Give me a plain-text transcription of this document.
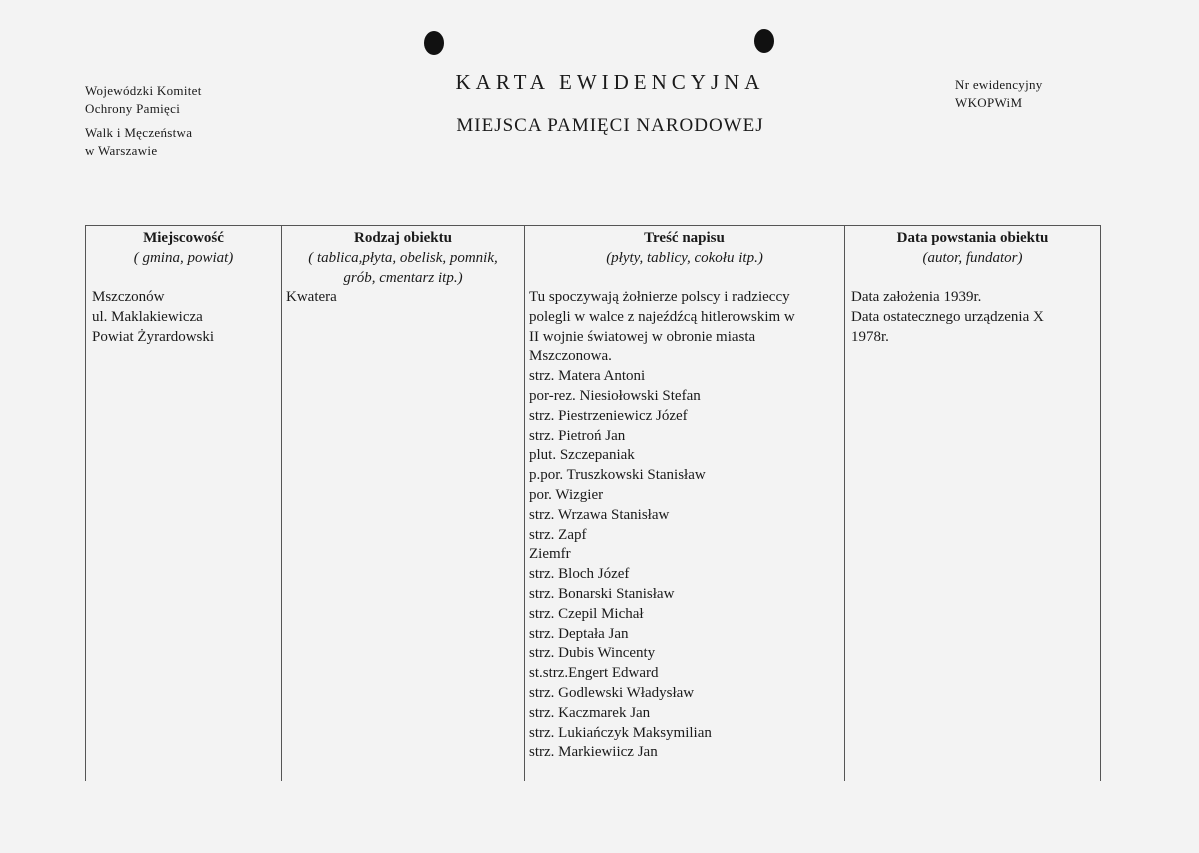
Wojewódzki Komitet
Ochrony Pamięci
Walk i Męczeństwa
w Warszawie
KARTA EWIDENCYJNA
MIEJSCA PAMIĘCI NARODOWEJ
Nr ewidencyjny
WKOPWiM
Miejscowość
( gmina, powiat)
Mszczonów
ul. Maklakiewicza
Powiat Żyrardowski
Rodzaj obiektu
( tablica,płyta, obelisk, pomnik,
grób, cmentarz itp.)
Kwatera
Treść napisu
(płyty, tablicy, cokołu itp.)
Tu spoczywają żołnierze polscy i radzieccy
polegli w walce z najeźdźcą hitlerowskim w
II wojnie światowej w obronie miasta
Mszczonowa.
strz. Matera Antoni
por-rez. Niesiołowski Stefan
strz. Piestrzeniewicz Józef
strz. Pietroń Jan
plut. Szczepaniak
p.por. Truszkowski Stanisław
por. Wizgier
strz. Wrzawa Stanisław
strz. Zapf
Ziemfr
strz. Bloch Józef
strz. Bonarski Stanisław
strz. Czepil Michał
strz. Deptała Jan
strz. Dubis Wincenty
st.strz.Engert Edward
strz. Godlewski Władysław
strz. Kaczmarek Jan
strz. Lukiańczyk Maksymilian
strz. Markiewiicz Jan
Data powstania obiektu
(autor, fundator)
Data założenia 1939r.
Data ostatecznego urządzenia X
1978r.
